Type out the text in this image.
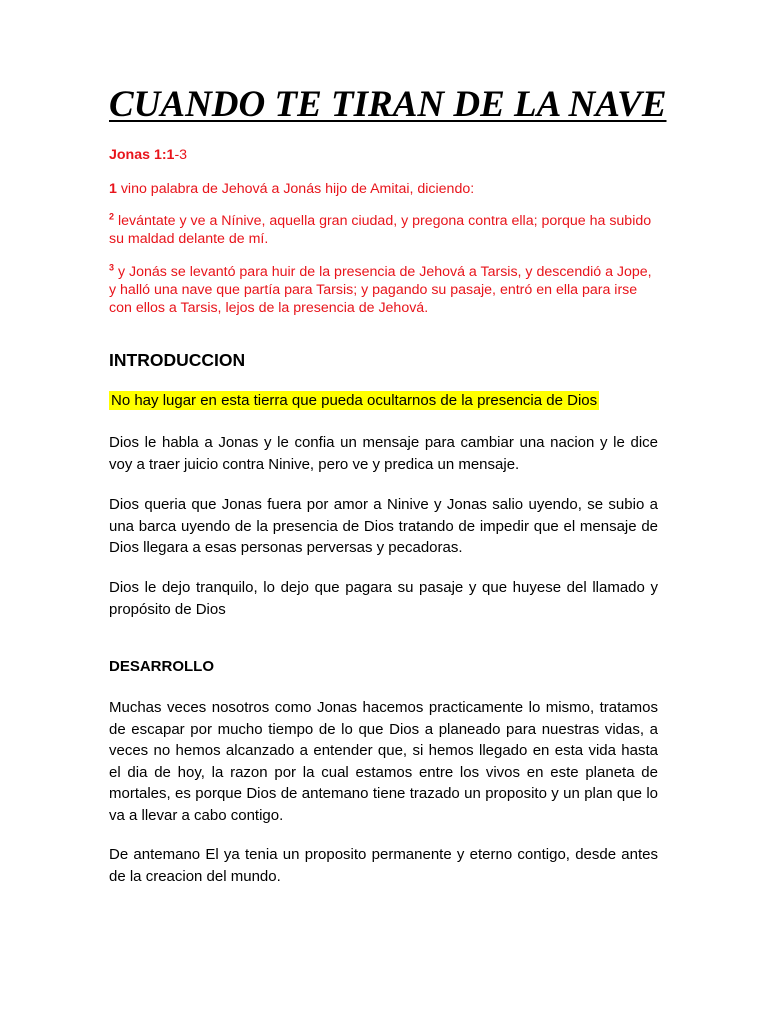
CUANDO TE TIRAN DE LA NAVE
Jonas 1:1-3
1 vino palabra de Jehová a Jonás hijo de Amitai, diciendo:
$^2$ levántate y ve a Nínive, aquella gran ciudad, y pregona contra ella; porque ha subido su maldad delante de mí.
$^3$ y Jonás se levantó para huir de la presencia de Jehová a Tarsis, y descendió a Jope, y halló una nave que partía para Tarsis; y pagando su pasaje, entró en ella para irse con ellos a Tarsis, lejos de la presencia de Jehová.
INTRODUCCION
No hay lugar en esta tierra que pueda ocultarnos de la presencia de Dios

Dios le habla a Jonas y le confia un mensaje para cambiar una nacion y le dice voy a traer juicio contra Ninive, pero ve y predica un mensaje.

Dios queria que Jonas fuera por amor a Ninive y Jonas salio uyendo, se subio a una barca uyendo de la presencia de Dios tratando de impedir que el mensaje de Dios llegara a esas personas perversas y pecadoras.

Dios le dejo tranquilo, lo dejo que pagara su pasaje y que huyese del llamado y propósito de Dios

DESARROLLO

Muchas veces nosotros como Jonas hacemos practicamente lo mismo, tratamos de escapar por mucho tiempo de lo que Dios a planeado para nuestras vidas, a veces no hemos alcanzado a entender que, si hemos llegado en esta vida hasta el dia de hoy, la razon por la cual estamos entre los vivos en este planeta de mortales, es porque Dios de antemano tiene trazado un proposito y un plan que lo va a llevar a cabo contigo.

De antemano El ya tenia un proposito permanente y eterno contigo, desde antes de la creacion del mundo.
